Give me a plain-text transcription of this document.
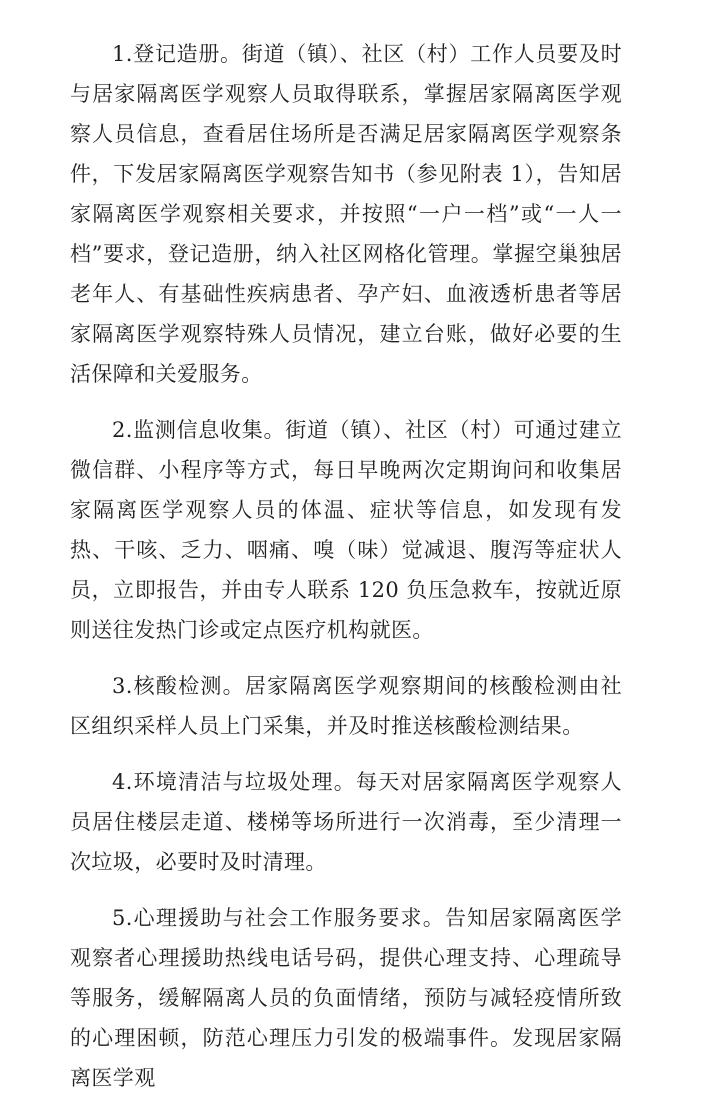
1.登记造册。街道（镇）、社区（村）工作人员要及时与居家隔离医学观察人员取得联系，掌握居家隔离医学观察人员信息，查看居住场所是否满足居家隔离医学观察条件，下发居家隔离医学观察告知书（参见附表 1），告知居家隔离医学观察相关要求，并按照“一户一档”或“一人一档”要求，登记造册，纳入社区网格化管理。掌握空巢独居老年人、有基础性疾病患者、孕产妇、血液透析患者等居家隔离医学观察特殊人员情况，建立台账，做好必要的生活保障和关爱服务。

2.监测信息收集。街道（镇）、社区（村）可通过建立微信群、小程序等方式，每日早晚两次定期询问和收集居家隔离医学观察人员的体温、症状等信息，如发现有发热、干咳、乏力、咽痛、嗅（味）觉减退、腹泻等症状人员，立即报告，并由专人联系 120 负压急救车，按就近原则送往发热门诊或定点医疗机构就医。

3.核酸检测。居家隔离医学观察期间的核酸检测由社区组织采样人员上门采集，并及时推送核酸检测结果。

4.环境清洁与垃圾处理。每天对居家隔离医学观察人员居住楼层走道、楼梯等场所进行一次消毒，至少清理一次垃圾，必要时及时清理。

5.心理援助与社会工作服务要求。告知居家隔离医学观察者心理援助热线电话号码，提供心理支持、心理疏导等服务，缓解隔离人员的负面情绪，预防与减轻疫情所致的心理困顿，防范心理压力引发的极端事件。发现居家隔离医学观
